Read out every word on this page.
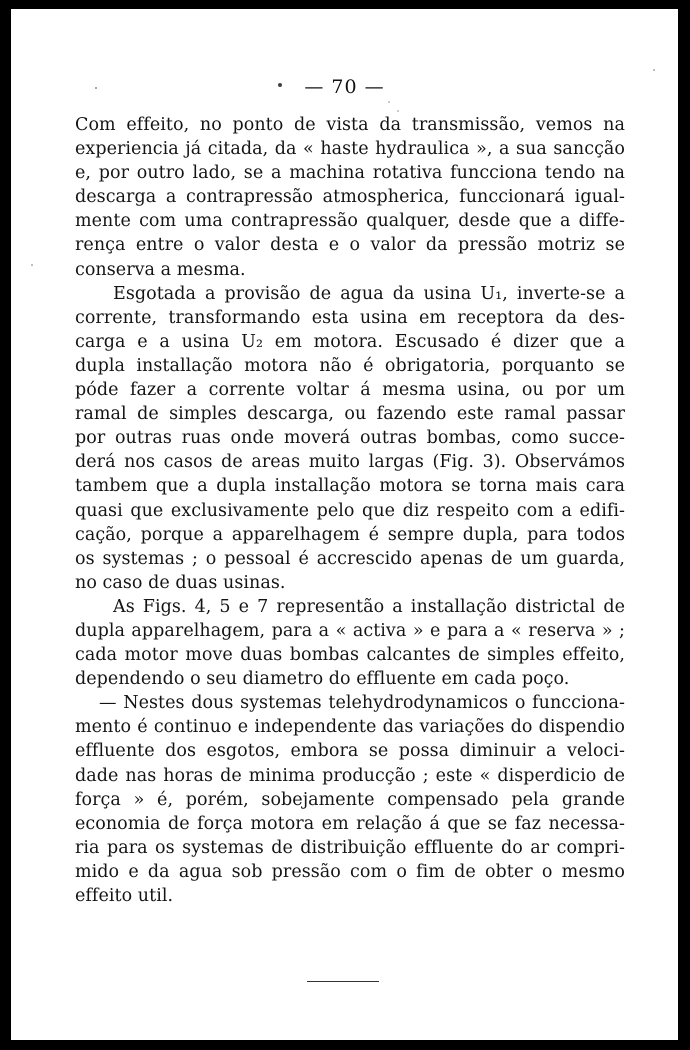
— 70 —

Com effeito, no ponto de vista da transmissão, vemos na

experiencia já citada, da « haste hydraulica », a sua sancção

e, por outro lado, se a machina rotativa funcciona tendo na

descarga a contrapressão atmospherica, funccionará igual-

mente com uma contrapressão qualquer, desde que a diffe-

rença entre o valor desta e o valor da pressão motriz se

conserva a mesma.

Esgotada a provisão de agua da usina U₁, inverte-se a

corrente, transformando esta usina em receptora da des-

carga e a usina U₂ em motora. Escusado é dizer que a

dupla installação motora não é obrigatoria, porquanto se

póde fazer a corrente voltar á mesma usina, ou por um

ramal de simples descarga, ou fazendo este ramal passar

por outras ruas onde moverá outras bombas, como succe-

derá nos casos de areas muito largas (Fig. 3). Observámos

tambem que a dupla installação motora se torna mais cara

quasi que exclusivamente pelo que diz respeito com a edifi-

cação, porque a apparelhagem é sempre dupla, para todos

os systemas ; o pessoal é accrescido apenas de um guarda,

no caso de duas usinas.

As Figs. 4, 5 e 7 representão a installação districtal de

dupla apparelhagem, para a « activa » e para a « reserva » ;

cada motor move duas bombas calcantes de simples effeito,

dependendo o seu diametro do effluente em cada poço.

— Nestes dous systemas telehydrodynamicos o funcciona-

mento é continuo e independente das variações do dispendio

effluente dos esgotos, embora se possa diminuir a veloci-

dade nas horas de minima producção ; este « disperdicio de

força » é, porém, sobejamente compensado pela grande

economia de força motora em relação á que se faz necessa-

ria para os systemas de distribuição effluente do ar compri-

mido e da agua sob pressão com o fim de obter o mesmo

effeito util.
